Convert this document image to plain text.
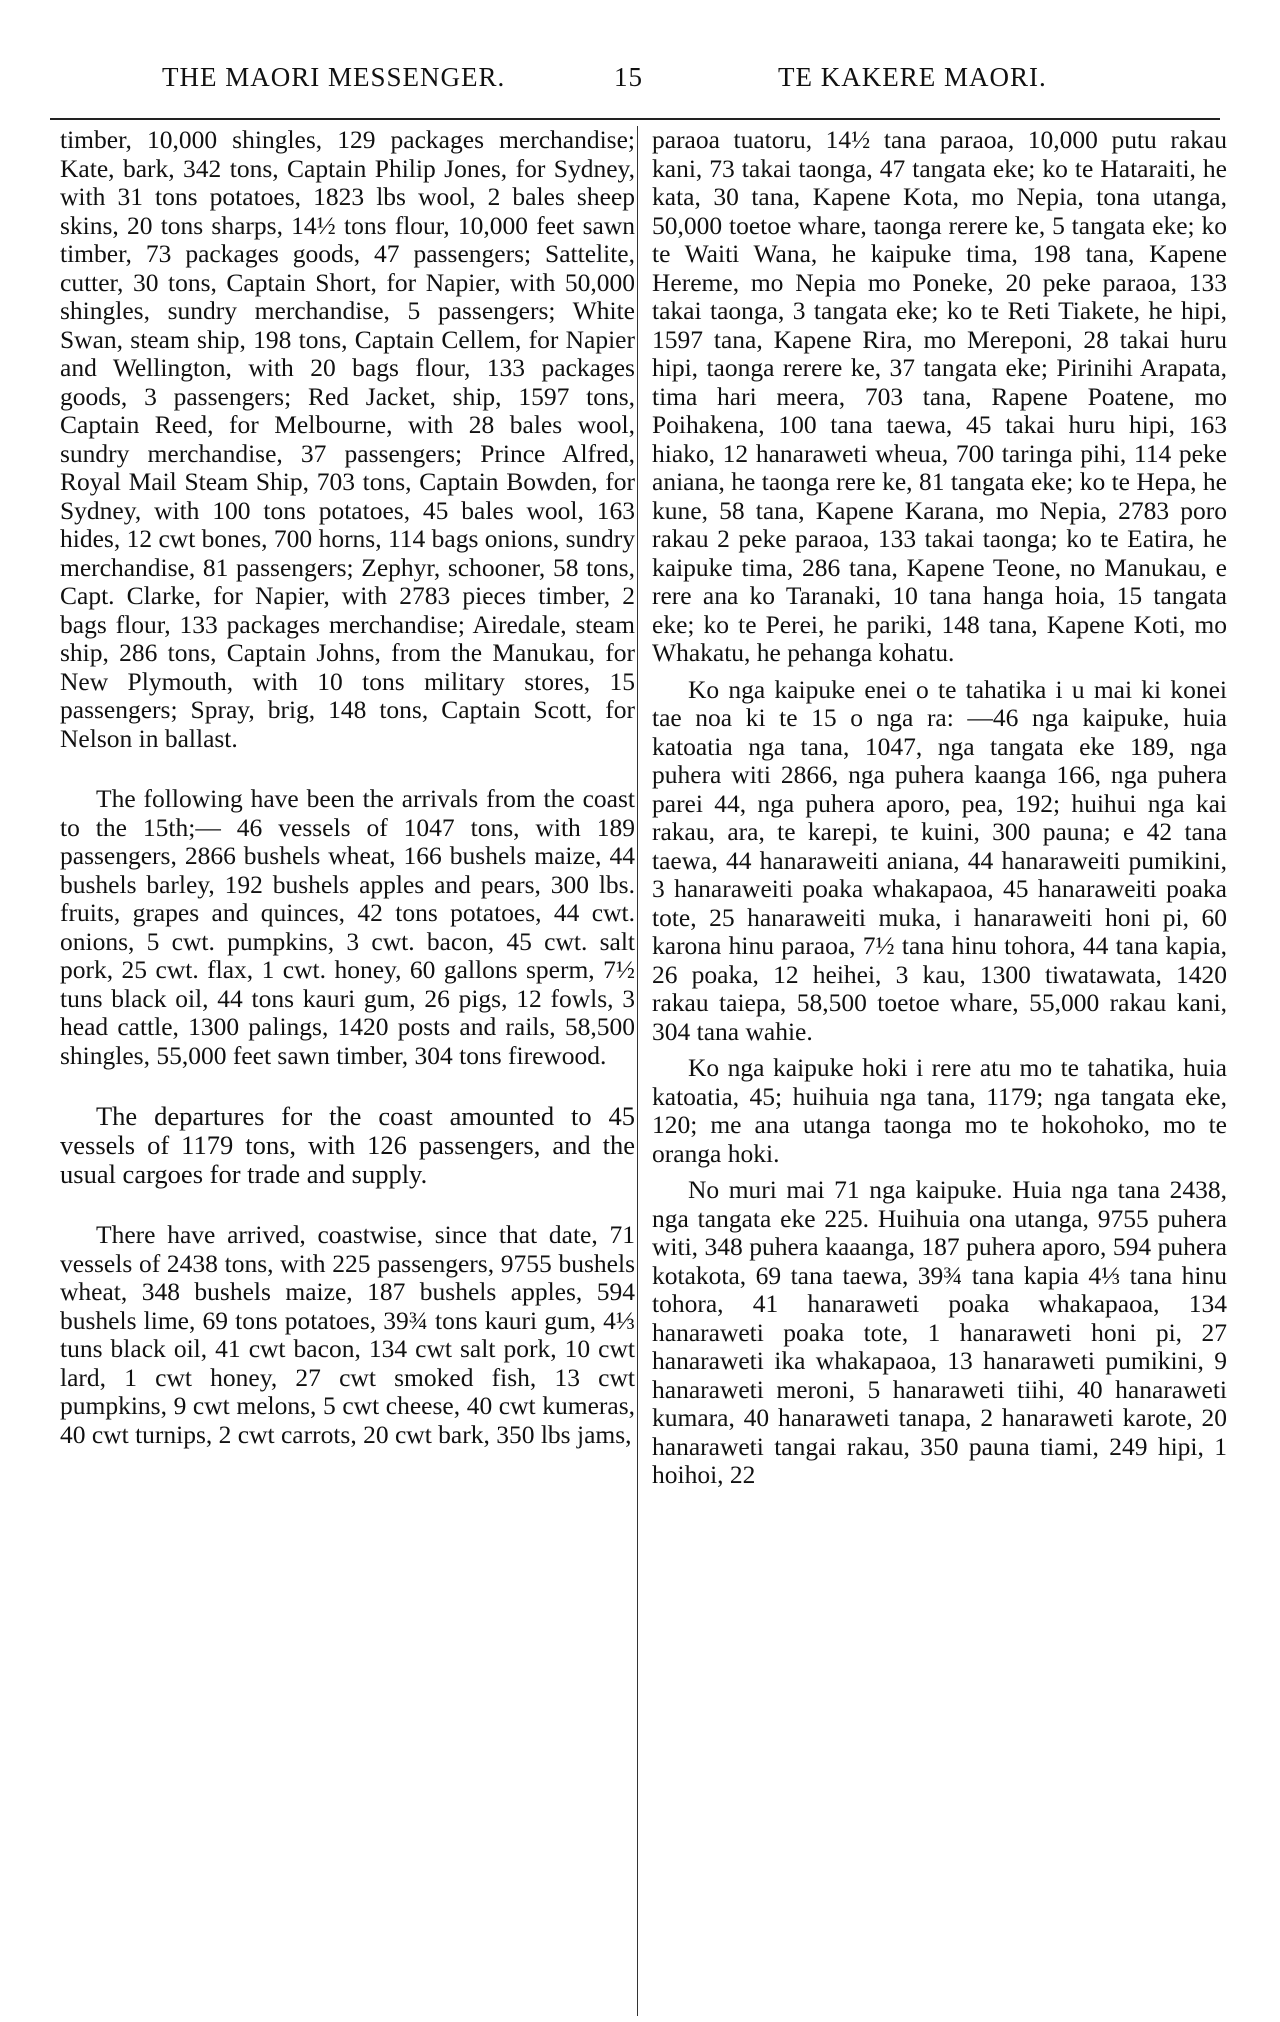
THE MAORI MESSENGER.	15	TE KAKERE MAORI.

timber, 10,000 shingles, 129 packages merchandise; Kate, bark, 342 tons, Captain Philip Jones, for Sydney, with 31 tons potatoes, 1823 lbs wool, 2 bales sheep skins, 20 tons sharps, 14½ tons flour, 10,000 feet sawn timber, 73 packages goods, 47 passengers; Sattelite, cutter, 30 tons, Captain Short, for Napier, with 50,000 shingles, sundry merchandise, 5 passengers; White Swan, steam ship, 198 tons, Captain Cellem, for Napier and Wellington, with 20 bags flour, 133 packages goods, 3 passengers; Red Jacket, ship, 1597 tons, Captain Reed, for Melbourne, with 28 bales wool, sundry merchandise, 37 passengers; Prince Alfred, Royal Mail Steam Ship, 703 tons, Captain Bowden, for Sydney, with 100 tons potatoes, 45 bales wool, 163 hides, 12 cwt bones, 700 horns, 114 bags onions, sundry merchandise, 81 passengers; Zephyr, schooner, 58 tons, Capt. Clarke, for Napier, with 2783 pieces timber, 2 bags flour, 133 packages merchandise; Airedale, steam ship, 286 tons, Captain Johns, from the Manukau, for New Plymouth, with 10 tons military stores, 15 passengers; Spray, brig, 148 tons, Captain Scott, for Nelson in ballast.

The following have been the arrivals from the coast to the 15th;— 46 vessels of 1047 tons, with 189 passengers, 2866 bushels wheat, 166 bushels maize, 44 bushels barley, 192 bushels apples and pears, 300 lbs. fruits, grapes and quinces, 42 tons potatoes, 44 cwt. onions, 5 cwt. pumpkins, 3 cwt. bacon, 45 cwt. salt pork, 25 cwt. flax, 1 cwt. honey, 60 gallons sperm, 7½ tuns black oil, 44 tons kauri gum, 26 pigs, 12 fowls, 3 head cattle, 1300 palings, 1420 posts and rails, 58,500 shingles, 55,000 feet sawn timber, 304 tons firewood.

The departures for the coast amounted to 45 vessels of 1179 tons, with 126 passengers, and the usual cargoes for trade and supply.

There have arrived, coastwise, since that date, 71 vessels of 2438 tons, with 225 passengers, 9755 bushels wheat, 348 bushels maize, 187 bushels apples, 594 bushels lime, 69 tons potatoes, 39¾ tons kauri gum, 4⅓ tuns black oil, 41 cwt bacon, 134 cwt salt pork, 10 cwt lard, 1 cwt honey, 27 cwt smoked fish, 13 cwt pumpkins, 9 cwt melons, 5 cwt cheese, 40 cwt kumeras, 40 cwt turnips, 2 cwt carrots, 20 cwt bark, 350 lbs jams,

paraoa tuatoru, 14½ tana paraoa, 10,000 putu rakau kani, 73 takai taonga, 47 tangata eke; ko te Hataraiti, he kata, 30 tana, Kapene Kota, mo Nepia, tona utanga, 50,000 toetoe whare, taonga rerere ke, 5 tangata eke; ko te Waiti Wana, he kaipuke tima, 198 tana, Kapene Hereme, mo Nepia mo Poneke, 20 peke paraoa, 133 takai taonga, 3 tangata eke; ko te Reti Tiakete, he hipi, 1597 tana, Kapene Rira, mo Mereponi, 28 takai huru hipi, taonga rerere ke, 37 tangata eke; Pirinihi Arapata, tima hari meera, 703 tana, Rapene Poatene, mo Poihakena, 100 tana taewa, 45 takai huru hipi, 163 hiako, 12 hanaraweti wheua, 700 taringa pihi, 114 peke aniana, he taonga rere ke, 81 tangata eke; ko te Hepa, he kune, 58 tana, Kapene Karana, mo Nepia, 2783 poro rakau 2 peke paraoa, 133 takai taonga; ko te Eatira, he kaipuke tima, 286 tana, Kapene Teone, no Manukau, e rere ana ko Taranaki, 10 tana hanga hoia, 15 tangata eke; ko te Perei, he pariki, 148 tana, Kapene Koti, mo Whakatu, he pehanga kohatu.

Ko nga kaipuke enei o te tahatika i u mai ki konei tae noa ki te 15 o nga ra: —46 nga kaipuke, huia katoatia nga tana, 1047, nga tangata eke 189, nga puhera witi 2866, nga puhera kaanga 166, nga puhera parei 44, nga puhera aporo, pea, 192; huihui nga kai rakau, ara, te karepi, te kuini, 300 pauna; e 42 tana taewa, 44 hanaraweiti aniana, 44 hanaraweiti pumikini, 3 hanaraweiti poaka whakapaoa, 45 hanaraweiti poaka tote, 25 hanaraweiti muka, i hanaraweiti honi pi, 60 karona hinu paraoa, 7½ tana hinu tohora, 44 tana kapia, 26 poaka, 12 heihei, 3 kau, 1300 tiwatawata, 1420 rakau taiepa, 58,500 toetoe whare, 55,000 rakau kani, 304 tana wahie.

Ko nga kaipuke hoki i rere atu mo te tahatika, huia katoatia, 45; huihuia nga tana, 1179; nga tangata eke, 120; me ana utanga taonga mo te hokohoko, mo te oranga hoki.

No muri mai 71 nga kaipuke. Huia nga tana 2438, nga tangata eke 225. Huihuia ona utanga, 9755 puhera witi, 348 puhera kaaanga, 187 puhera aporo, 594 puhera kotakota, 69 tana taewa, 39¾ tana kapia 4⅓ tana hinu tohora, 41 hanaraweti poaka whakapaoa, 134 hanaraweti poaka tote, 1 hanaraweti honi pi, 27 hanaraweti ika whakapaoa, 13 hanaraweti pumikini, 9 hanaraweti meroni, 5 hanaraweti tiihi, 40 hanaraweti kumara, 40 hanaraweti tanapa, 2 hanaraweti karote, 20 hanaraweti tangai rakau, 350 pauna tiami, 249 hipi, 1 hoihoi, 22
